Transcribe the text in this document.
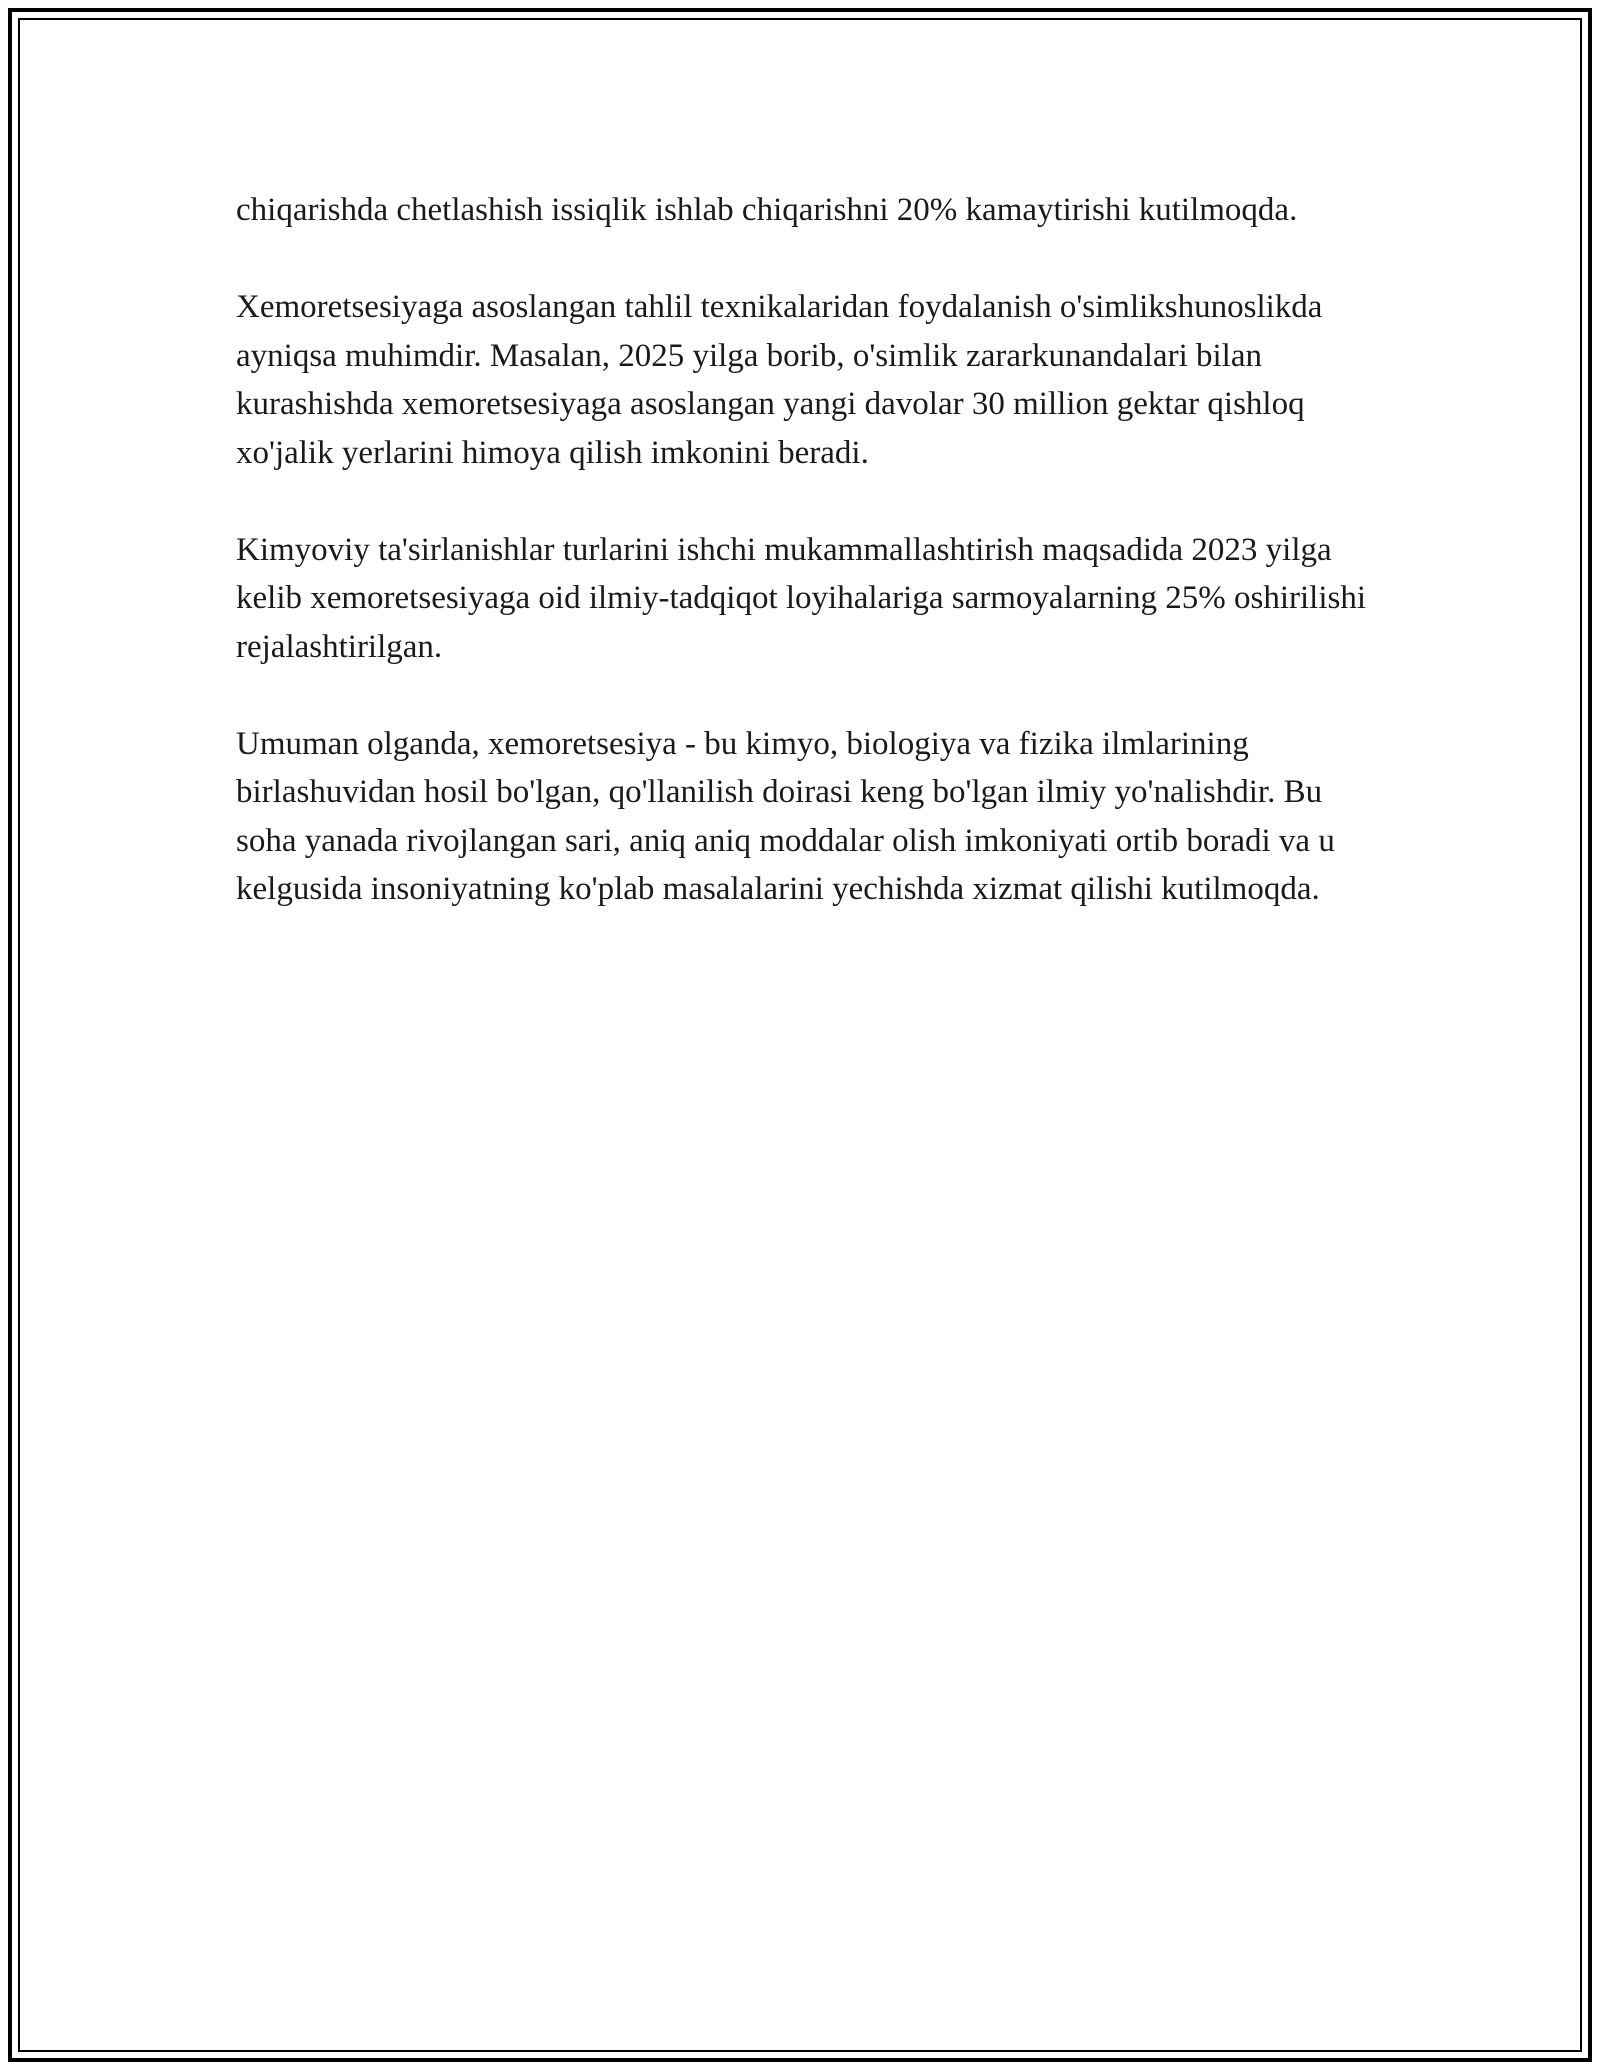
chiqarishda chetlashish issiqlik ishlab chiqarishni 20% kamaytirishi kutilmoqda.

Xemoretsesiyaga asoslangan tahlil texnikalaridan foydalanish o'simlikshunoslikda ayniqsa muhimdir. Masalan, 2025 yilga borib, o'simlik zararkunandalari bilan kurashishda xemoretsesiyaga asoslangan yangi davolar 30 million gektar qishloq xo'jalik yerlarini himoya qilish imkonini beradi.

Kimyoviy ta'sirlanishlar turlarini ishchi mukammallashtirish maqsadida 2023 yilga kelib xemoretsesiyaga oid ilmiy-tadqiqot loyihalariga sarmoyalarning 25% oshirilishi rejalashtirilgan.

Umuman olganda, xemoretsesiya - bu kimyo, biologiya va fizika ilmlarining birlashuvidan hosil bo'lgan, qo'llanilish doirasi keng bo'lgan ilmiy yo'nalishdir. Bu soha yanada rivojlangan sari, aniq aniq moddalar olish imkoniyati ortib boradi va u kelgusida insoniyatning ko'plab masalalarini yechishda xizmat qilishi kutilmoqda.
